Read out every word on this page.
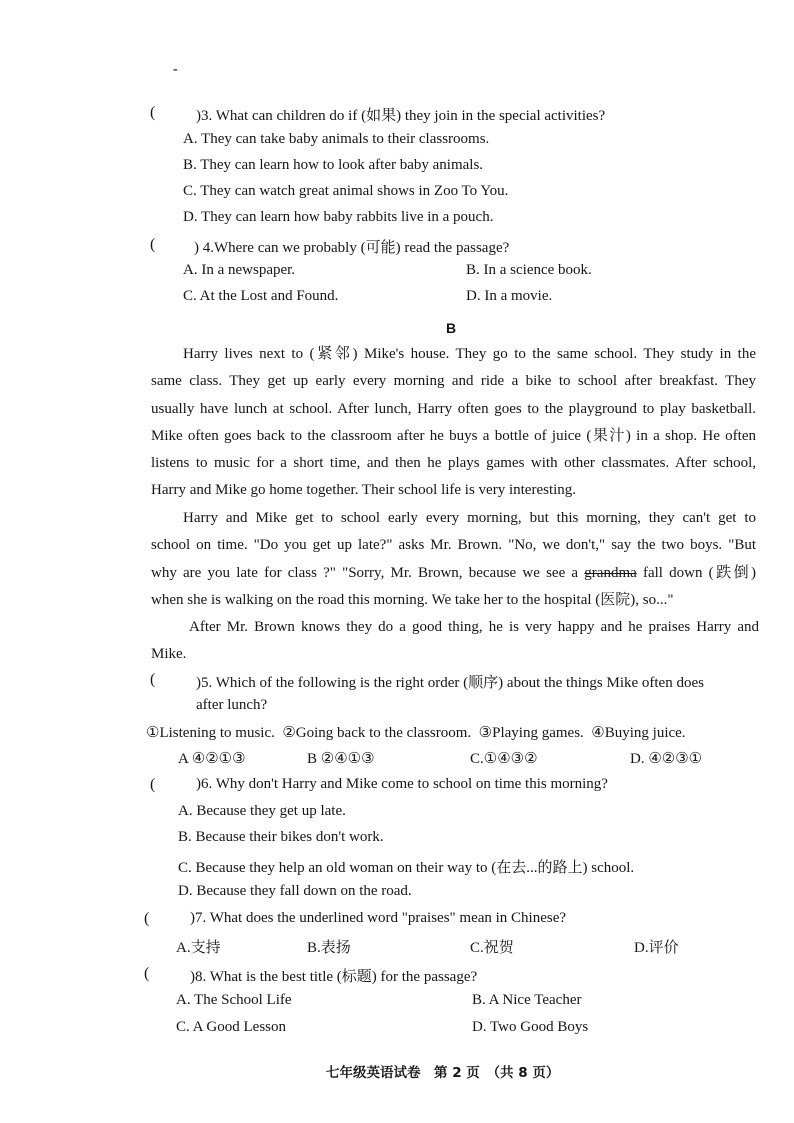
-
(	)3. What can children do if (如果) they join in the special activities?
A. They can take baby animals to their classrooms.
B. They can learn how to look after baby animals.
C. They can watch great animal shows in Zoo To You.
D. They can learn how baby rabbits live in a pouch.
(	) 4.Where can we probably (可能) read the passage?
A. In a newspaper.	B. In a science book.
C. At the Lost and Found.	D. In a movie.
B
Harry lives next to (紧邻) Mike's house. They go to the same school. They study in the
same class. They get up early every morning and ride a bike to school after breakfast. They
usually have lunch at school. After lunch, Harry often goes to the playground to play basketball.
Mike often goes back to the classroom after he buys a bottle of juice (果汁) in a shop. He often
listens to music for a short time, and then he plays games with other classmates. After school,
Harry and Mike go home together. Their school life is very interesting.
Harry and Mike get to school early every morning, but this morning, they can't get to
school on time. "Do you get up late?" asks Mr. Brown. "No, we don't," say the two boys. "But
why are you late for class ?" "Sorry, Mr. Brown, because we see a grandma fall down (跌倒)
when she is walking on the road this morning. We take her to the hospital (医院), so..."
After Mr. Brown knows they do a good thing, he is very happy and he praises Harry and
Mike.
(	)5. Which of the following is the right order (顺序) about the things Mike often does
after lunch?
①Listening to music.  ②Going back to the classroom.  ③Playing games.  ④Buying juice.
A ④②①③	B ②④①③	C.①④③②	D. ④②③①
(	)6. Why don't Harry and Mike come to school on time this morning?
A. Because they get up late.
B. Because their bikes don't work.
C. Because they help an old woman on their way to (在去...的路上) school.
D. Because they fall down on the road.
(	)7. What does the underlined word "praises" mean in Chinese?
A.支持	B.表扬	C.祝贺	D.评价
(	)8. What is the best title (标题) for the passage?
A. The School Life	B. A Nice Teacher
C. A Good Lesson	D. Two Good Boys
七年级英语试卷　第 2 页　（共 8 页）
